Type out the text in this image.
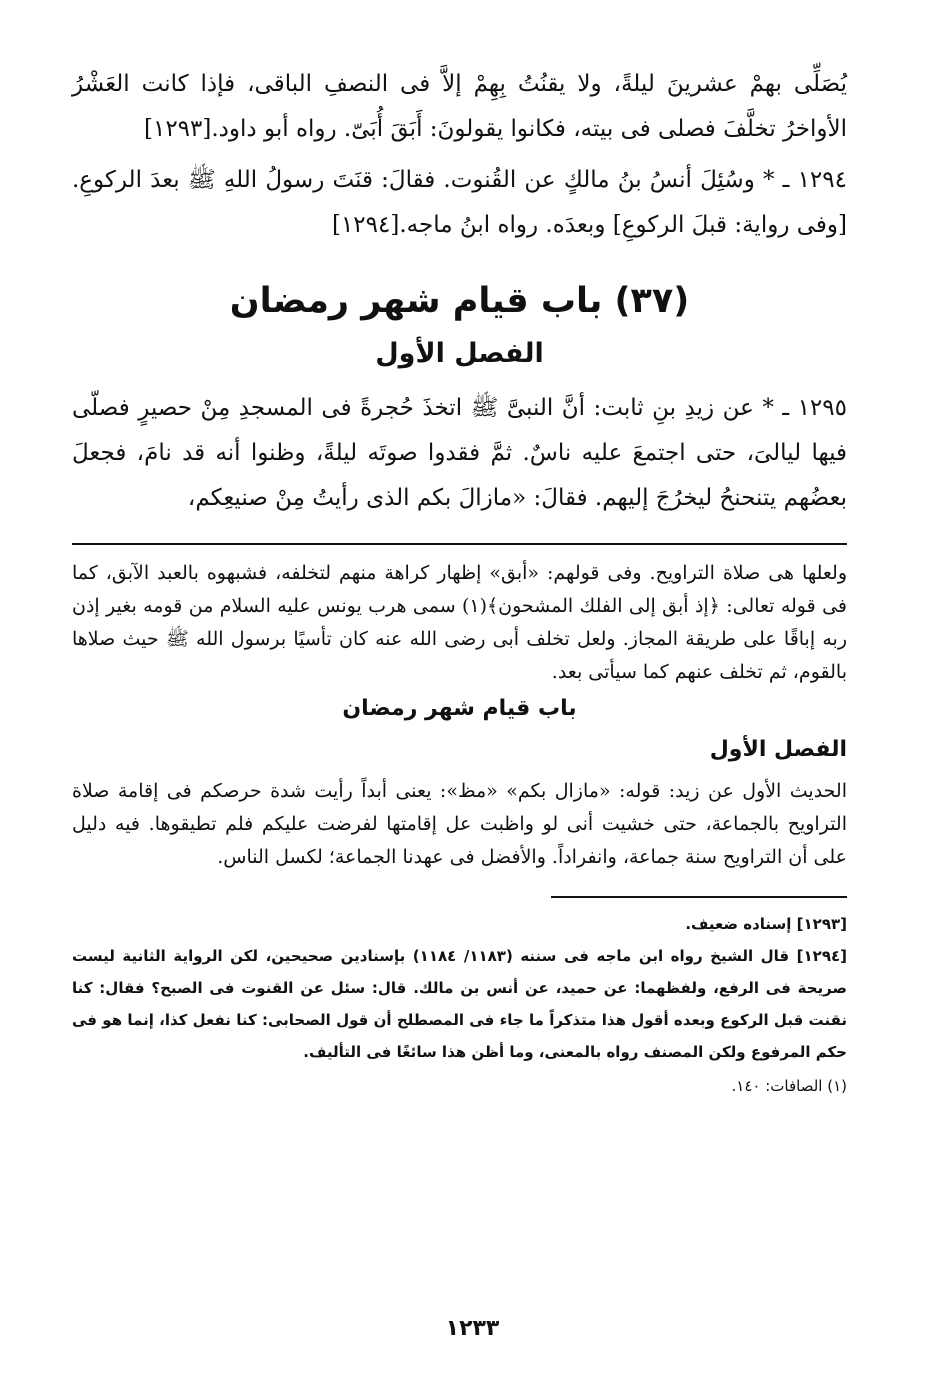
يُصَلِّى بهمْ عشرينَ ليلةً، ولا يقنُتُ بِهِمْ إلاَّ فى النصفِ الباقى، فإذا كانت العَشْرُ الأواخرُ تخلَّفَ فصلى فى بيته، فكانوا يقولونَ: أَبَقَ أُبَىّ. رواه أبو داود.[١٢٩٣]

١٢٩٤ ـ * وسُئِلَ أنسُ بنُ مالكٍ عن القُنوت. فقالَ: قنَتَ رسولُ اللهِ ﷺ بعدَ الركوعِ. [وفى رواية: قبلَ الركوعِ] وبعدَه. رواه ابنُ ماجه.[١٢٩٤]

(٣٧) باب قيام شهر رمضان
الفصل الأول

١٢٩٥ ـ * عن زيدِ بنِ ثابت: أنَّ النبىَّ ﷺ اتخذَ حُجرةً فى المسجدِ مِنْ حصيرٍ فصلّى فيها ليالىَ، حتى اجتمعَ عليه ناسٌ. ثمَّ فقدوا صوتَه ليلةً، وظنوا أنه قد نامَ، فجعلَ بعضُهم يتنحنحُ ليخرُجَ إليهم. فقالَ: «مازالَ بكم الذى رأيتُ مِنْ صنيعِكم،

ولعلها هى صلاة التراويح. وفى قولهم: «أبق» إظهار كراهة منهم لتخلفه، فشبهوه بالعبد الآبق، كما فى قوله تعالى: ﴿إذ أبق إلى الفلك المشحون﴾(١) سمى هرب يونس عليه السلام من قومه بغير إذن ربه إباقًا على طريقة المجاز. ولعل تخلف أبى رضى الله عنه كان تأسيًا برسول الله ﷺ حيث صلاها بالقوم، ثم تخلف عنهم كما سيأتى بعد.

باب قيام شهر رمضان
الفصل الأول

الحديث الأول عن زيد: قوله: «مازال بكم» «مظ»: يعنى أبداً رأيت شدة حرصكم فى إقامة صلاة التراويح بالجماعة، حتى خشيت أنى لو واظبت عل إقامتها لفرضت عليكم فلم تطيقوها. فيه دليل على أن التراويح سنة جماعة، وانفراداً. والأفضل فى عهدنا الجماعة؛ لكسل الناس.

[١٢٩٣] إسناده ضعيف.

[١٢٩٤] قال الشيخ رواه ابن ماجه فى سننه (١١٨٣/ ١١٨٤) بإسنادين صحيحين، لكن الرواية الثانية ليست صريحة فى الرفع، ولفظهما: عن حميد، عن أنس بن مالك. قال: سئل عن القنوت فى الصبح؟ فقال: كنا نقنت قبل الركوع وبعده أقول هذا متذكراً ما جاء فى المصطلح أن قول الصحابى: كنا نفعل كذا، إنما هو فى حكم المرفوع ولكن المصنف رواه بالمعنى، وما أظن هذا سائغًا فى التأليف.

(١) الصافات: ١٤٠.

١٢٣٣
